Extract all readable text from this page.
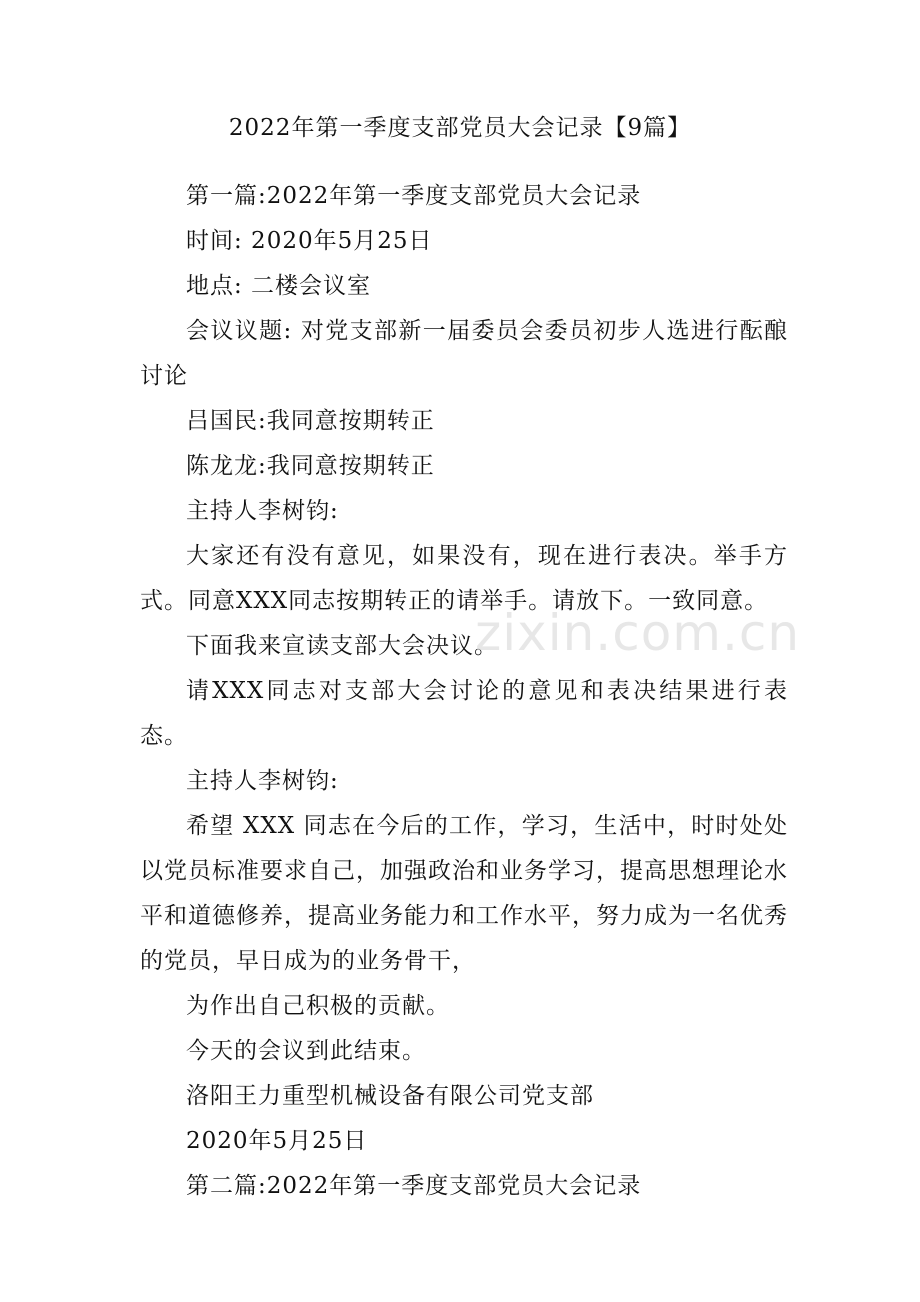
2022年第一季度支部党员大会记录【9篇】

第一篇:2022年第一季度支部党员大会记录

时间: 2020年5月25日

地点: 二楼会议室

会议议题: 对党支部新一届委员会委员初步人选进行酝酿讨论

吕国民:我同意按期转正

陈龙龙:我同意按期转正

主持人李树钧:

大家还有没有意见，如果没有，现在进行表决。举手方式。同意XXX同志按期转正的请举手。请放下。一致同意。

下面我来宣读支部大会决议。

请XXX同志对支部大会讨论的意见和表决结果进行表态。

主持人李树钧:

希望 XXX 同志在今后的工作，学习，生活中，时时处处以党员标准要求自己，加强政治和业务学习，提高思想理论水平和道德修养，提高业务能力和工作水平，努力成为一名优秀的党员，早日成为的业务骨干，

为作出自己积极的贡献。

今天的会议到此结束。

洛阳王力重型机械设备有限公司党支部

2020年5月25日

第二篇:2022年第一季度支部党员大会记录

zixin.com.cn
